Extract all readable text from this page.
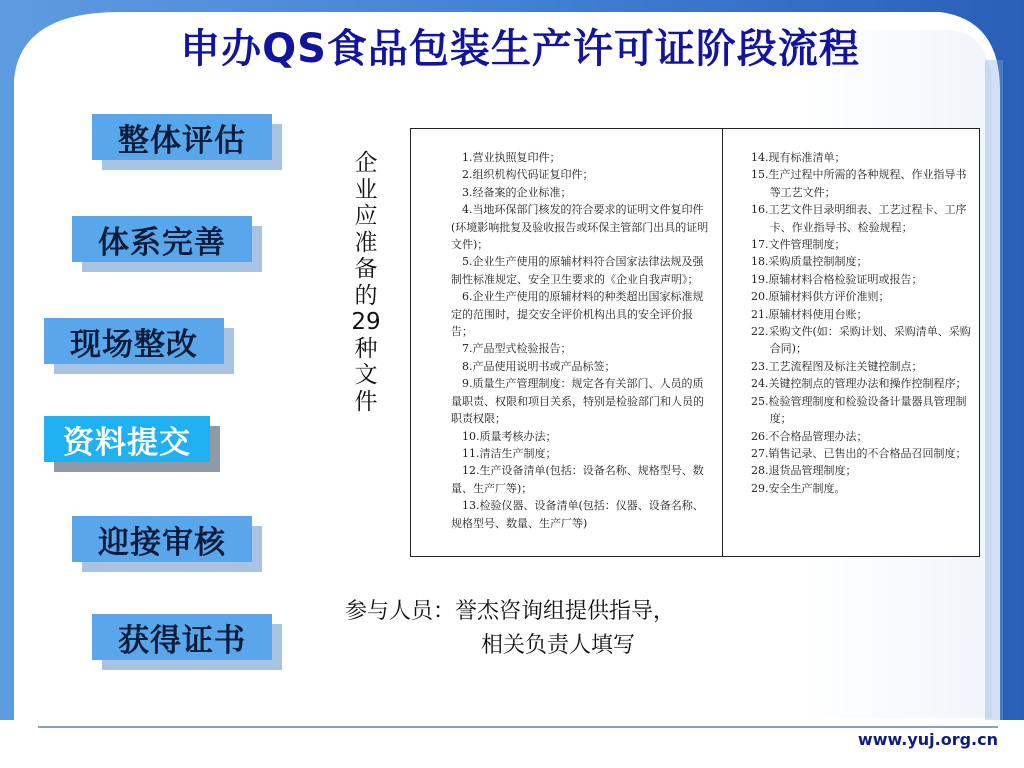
申办QS食品包装生产许可证阶段流程
整体评估
体系完善
现场整改
资料提交
迎接审核
获得证书
企
业
应
准
备
的
29
种
文
件
1.营业执照复印件；
2.组织机构代码证复印件；
3.经备案的企业标准；
4.当地环保部门核发的符合要求的证明文件复印件(环境影响批复及验收报告或环保主管部门出具的证明文件)；
5.企业生产使用的原辅材料符合国家法律法规及强制性标准规定、安全卫生要求的《企业自我声明》；
6.企业生产使用的原辅材料的种类超出国家标准规定的范围时，提交安全评价机构出具的安全评价报告；
7.产品型式检验报告；
8.产品使用说明书或产品标签；
9.质量生产管理制度：规定各有关部门、人员的质量职责、权限和项目关系，特别是检验部门和人员的职责权限；
10.质量考核办法；
11.清洁生产制度；
12.生产设备清单(包括：设备名称、规格型号、数量、生产厂等)；
13.检验仪器、设备清单(包括：仪器、设备名称、规格型号、数量、生产厂等)
14.现有标准清单；
15.生产过程中所需的各种规程、作业指导书等工艺文件；
16.工艺文件目录明细表、工艺过程卡、工序卡、作业指导书、检验规程；
17.文件管理制度；
18.采购质量控制制度；
19.原辅材料合格检验证明或报告；
20.原辅材料供方评价准则；
21.原辅材料使用台账；
22.采购文件(如：采购计划、采购清单、采购合同)；
23.工艺流程图及标注关键控制点；
24.关键控制点的管理办法和操作控制程序；
25.检验管理制度和检验设备计量器具管理制度；
26.不合格品管理办法；
27.销售记录、已售出的不合格品召回制度；
28.退货品管理制度；
29.安全生产制度。
参与人员：誉杰咨询组提供指导，
相关负责人填写
www.yuj.org.cn
